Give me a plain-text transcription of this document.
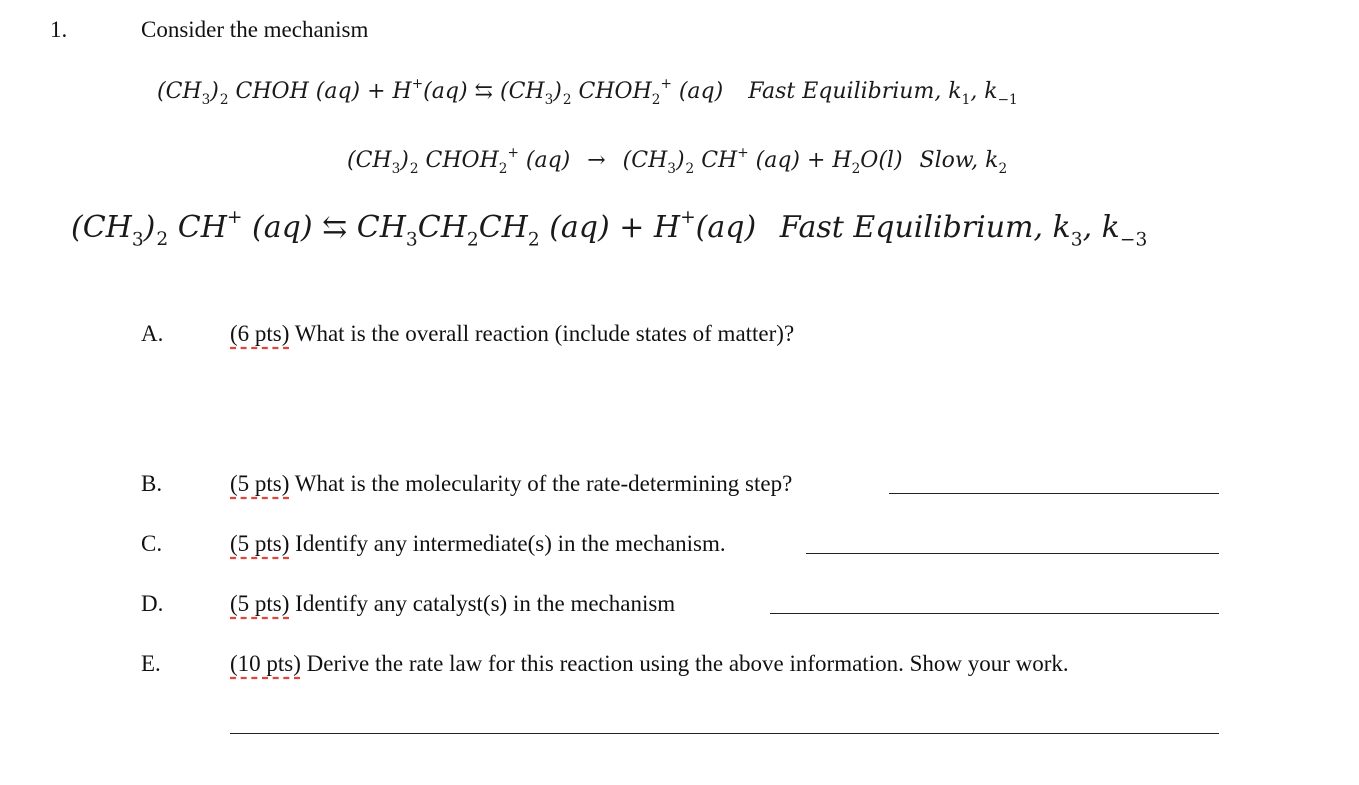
1.	Consider the mechanism
$(CH_3)_2$ CHOH (aq) + H+(aq) ⇆ $(CH_3)_2$ $CHOH_2^+$ (aq) Fast Equilibrium, $k_1$, $k_{-1}$
$(CH_3)_2$ $CHOH_2^+$ $(aq) \to (CH_3)_2$ CH+ $(aq) + H_2O(l)$ Slow, $k_2$
$(CH_3)_2$ CH+ (aq) ⇆ $CH_3CH_2CH_2$ (aq) + H+(aq) Fast Equilibrium, $k_3$, $k_{-3}$
A.	(6 pts) What is the overall reaction (include states of matter)?
B.	(5 pts) What is the molecularity of the rate-determining step?
C.	(5 pts) Identify any intermediate(s) in the mechanism.
D.	(5 pts) Identify any catalyst(s) in the mechanism
E.	(10 pts) Derive the rate law for this reaction using the above information. Show your work.
